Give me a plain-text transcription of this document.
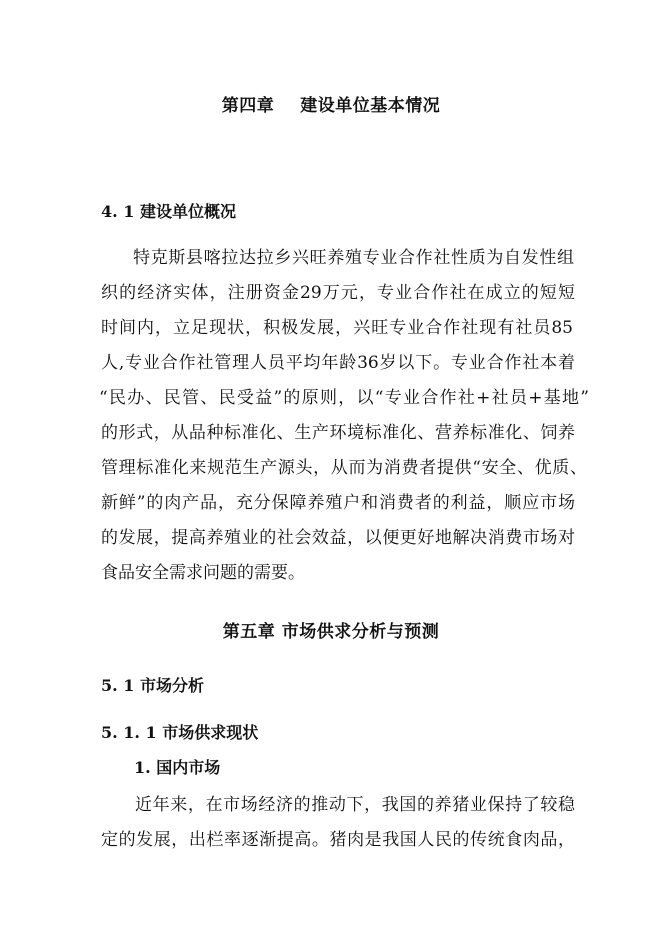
第四章 建设单位基本情况
4. 1 建设单位概况
特克斯县喀拉达拉乡兴旺养殖专业合作社性质为自发性组
织的经济实体，注册资金29万元，专业合作社在成立的短短
时间内，立足现状，积极发展，兴旺专业合作社现有社员85
人,专业合作社管理人员平均年龄36岁以下。专业合作社本着
“民办、民管、民受益”的原则，以“专业合作社+社员+基地”
的形式，从品种标准化、生产环境标准化、营养标准化、饲养
管理标准化来规范生产源头，从而为消费者提供“安全、优质、
新鲜”的肉产品，充分保障养殖户和消费者的利益，顺应市场
的发展，提高养殖业的社会效益，以便更好地解决消费市场对
食品安全需求问题的需要。
第五章 市场供求分析与预测
5. 1 市场分析
5. 1. 1 市场供求现状
1. 国内市场
近年来，在市场经济的推动下，我国的养猪业保持了较稳
定的发展，出栏率逐渐提高。猪肉是我国人民的传统食肉品，
